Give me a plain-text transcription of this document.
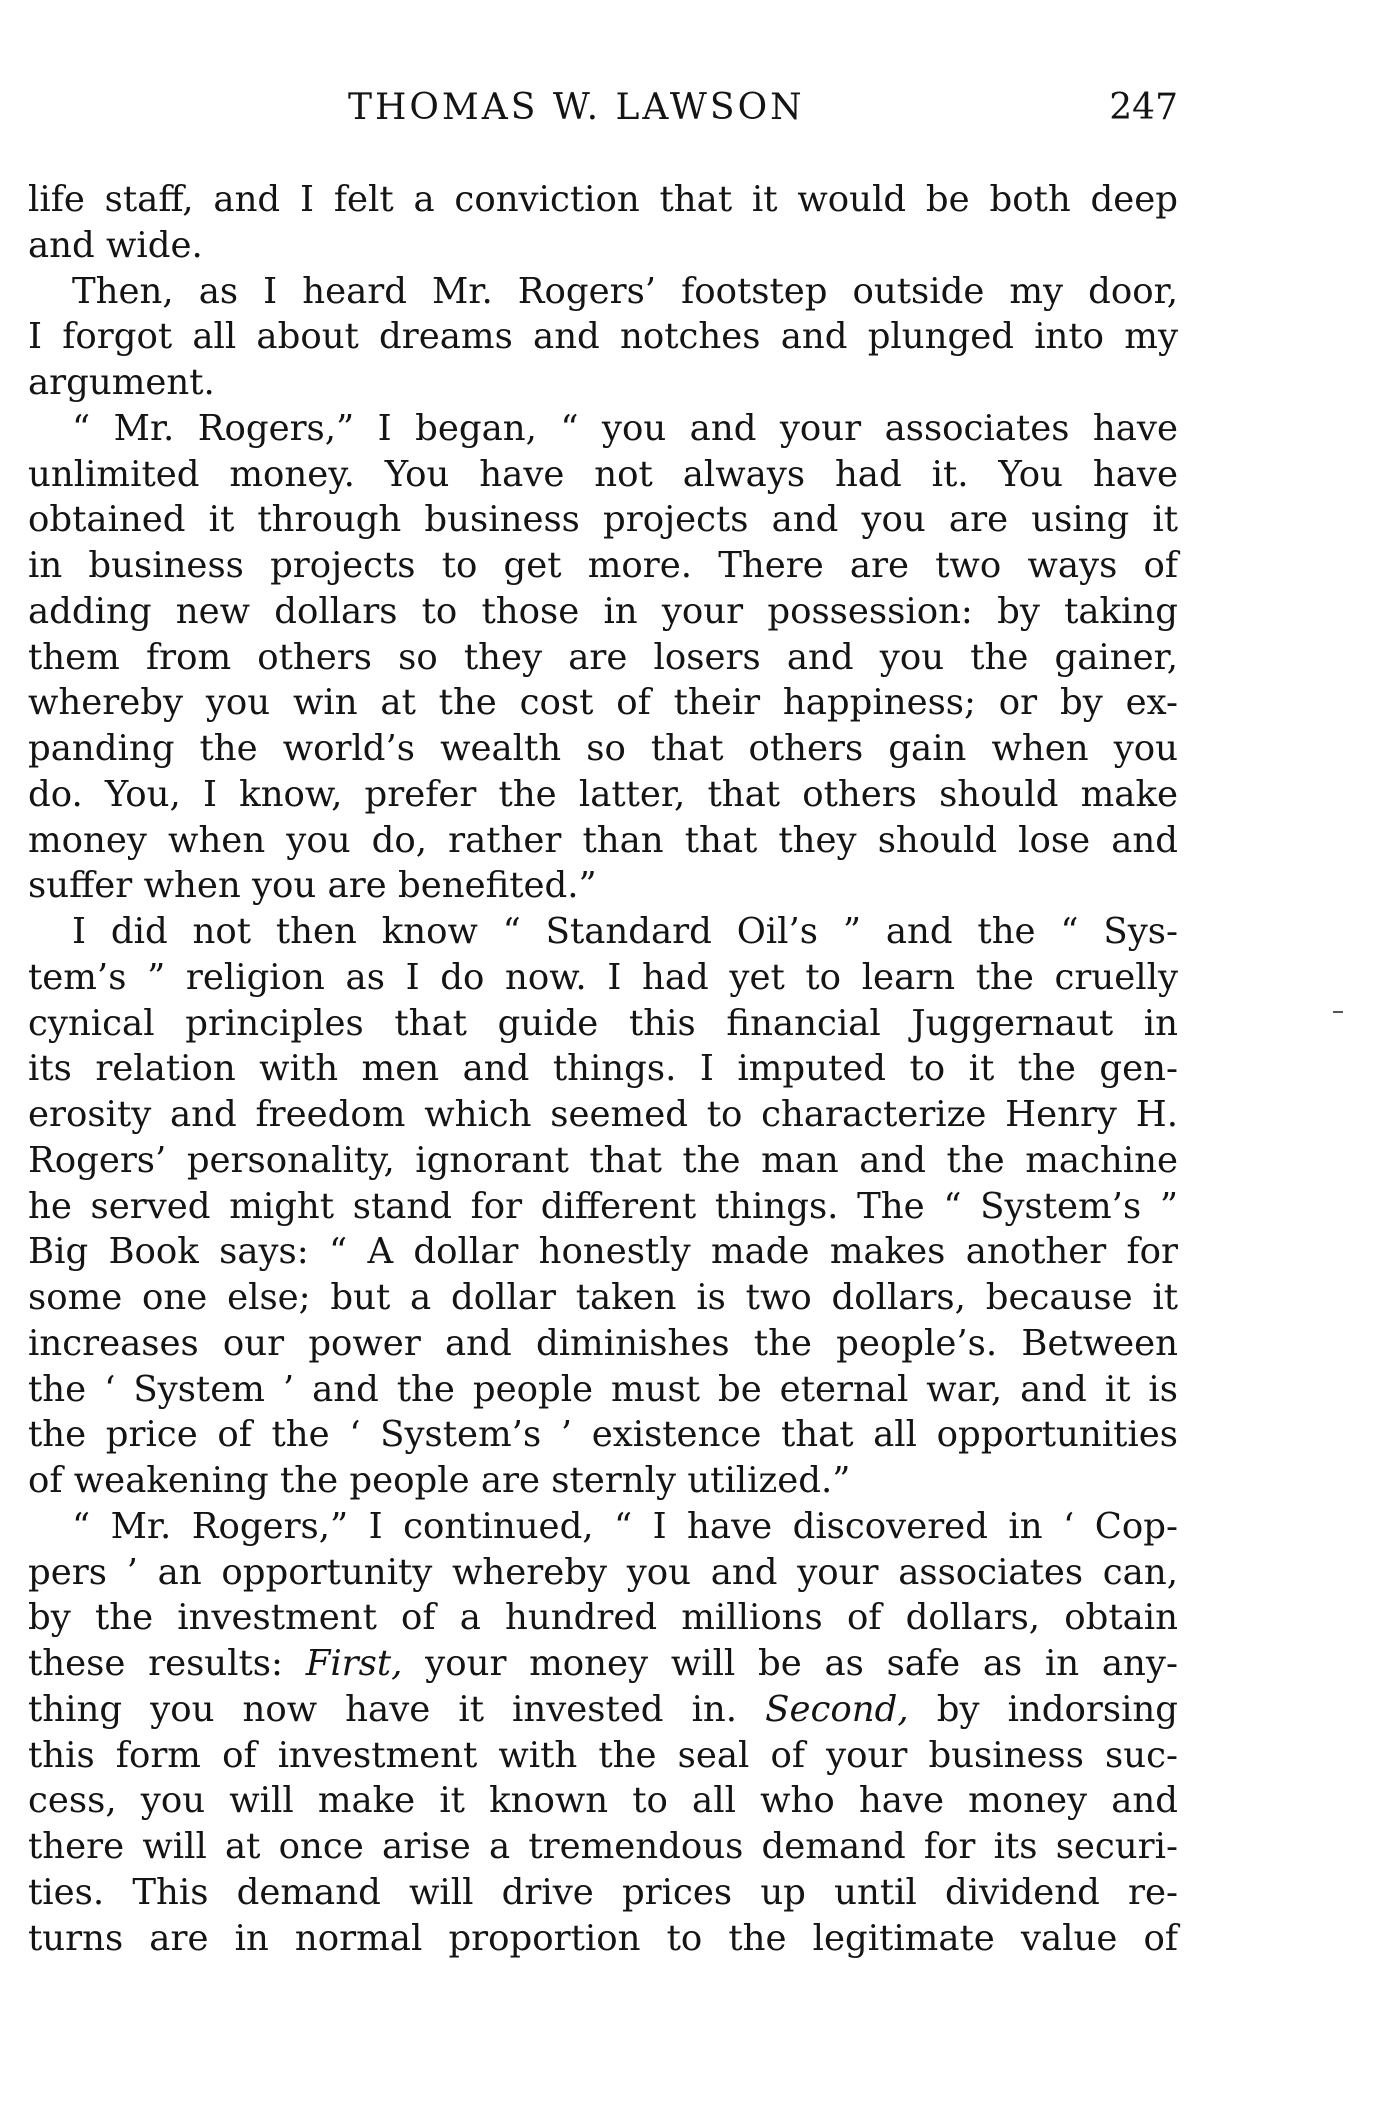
THOMAS W. LAWSON	247
life staff, and I felt a conviction that it would be both deep
and wide.
Then, as I heard Mr. Rogers’ footstep outside my door,
I forgot all about dreams and notches and plunged into my
argument.
“ Mr. Rogers,” I began, “ you and your associates have
unlimited money. You have not always had it. You have
obtained it through business projects and you are using it
in business projects to get more. There are two ways of
adding new dollars to those in your possession: by taking
them from others so they are losers and you the gainer,
whereby you win at the cost of their happiness; or by ex-
panding the world’s wealth so that others gain when you
do. You, I know, prefer the latter, that others should make
money when you do, rather than that they should lose and
suffer when you are benefited.”
I did not then know “ Standard Oil’s ” and the “ Sys-
tem’s ” religion as I do now. I had yet to learn the cruelly
cynical principles that guide this financial Juggernaut in
its relation with men and things. I imputed to it the gen-
erosity and freedom which seemed to characterize Henry H.
Rogers’ personality, ignorant that the man and the machine
he served might stand for different things. The “ System’s ”
Big Book says: “ A dollar honestly made makes another for
some one else; but a dollar taken is two dollars, because it
increases our power and diminishes the people’s. Between
the ‘ System ’ and the people must be eternal war, and it is
the price of the ‘ System’s ’ existence that all opportunities
of weakening the people are sternly utilized.”
“ Mr. Rogers,” I continued, “ I have discovered in ‘ Cop-
pers ’ an opportunity whereby you and your associates can,
by the investment of a hundred millions of dollars, obtain
these results: First, your money will be as safe as in any-
thing you now have it invested in. Second, by indorsing
this form of investment with the seal of your business suc-
cess, you will make it known to all who have money and
there will at once arise a tremendous demand for its securi-
ties. This demand will drive prices up until dividend re-
turns are in normal proportion to the legitimate value of
